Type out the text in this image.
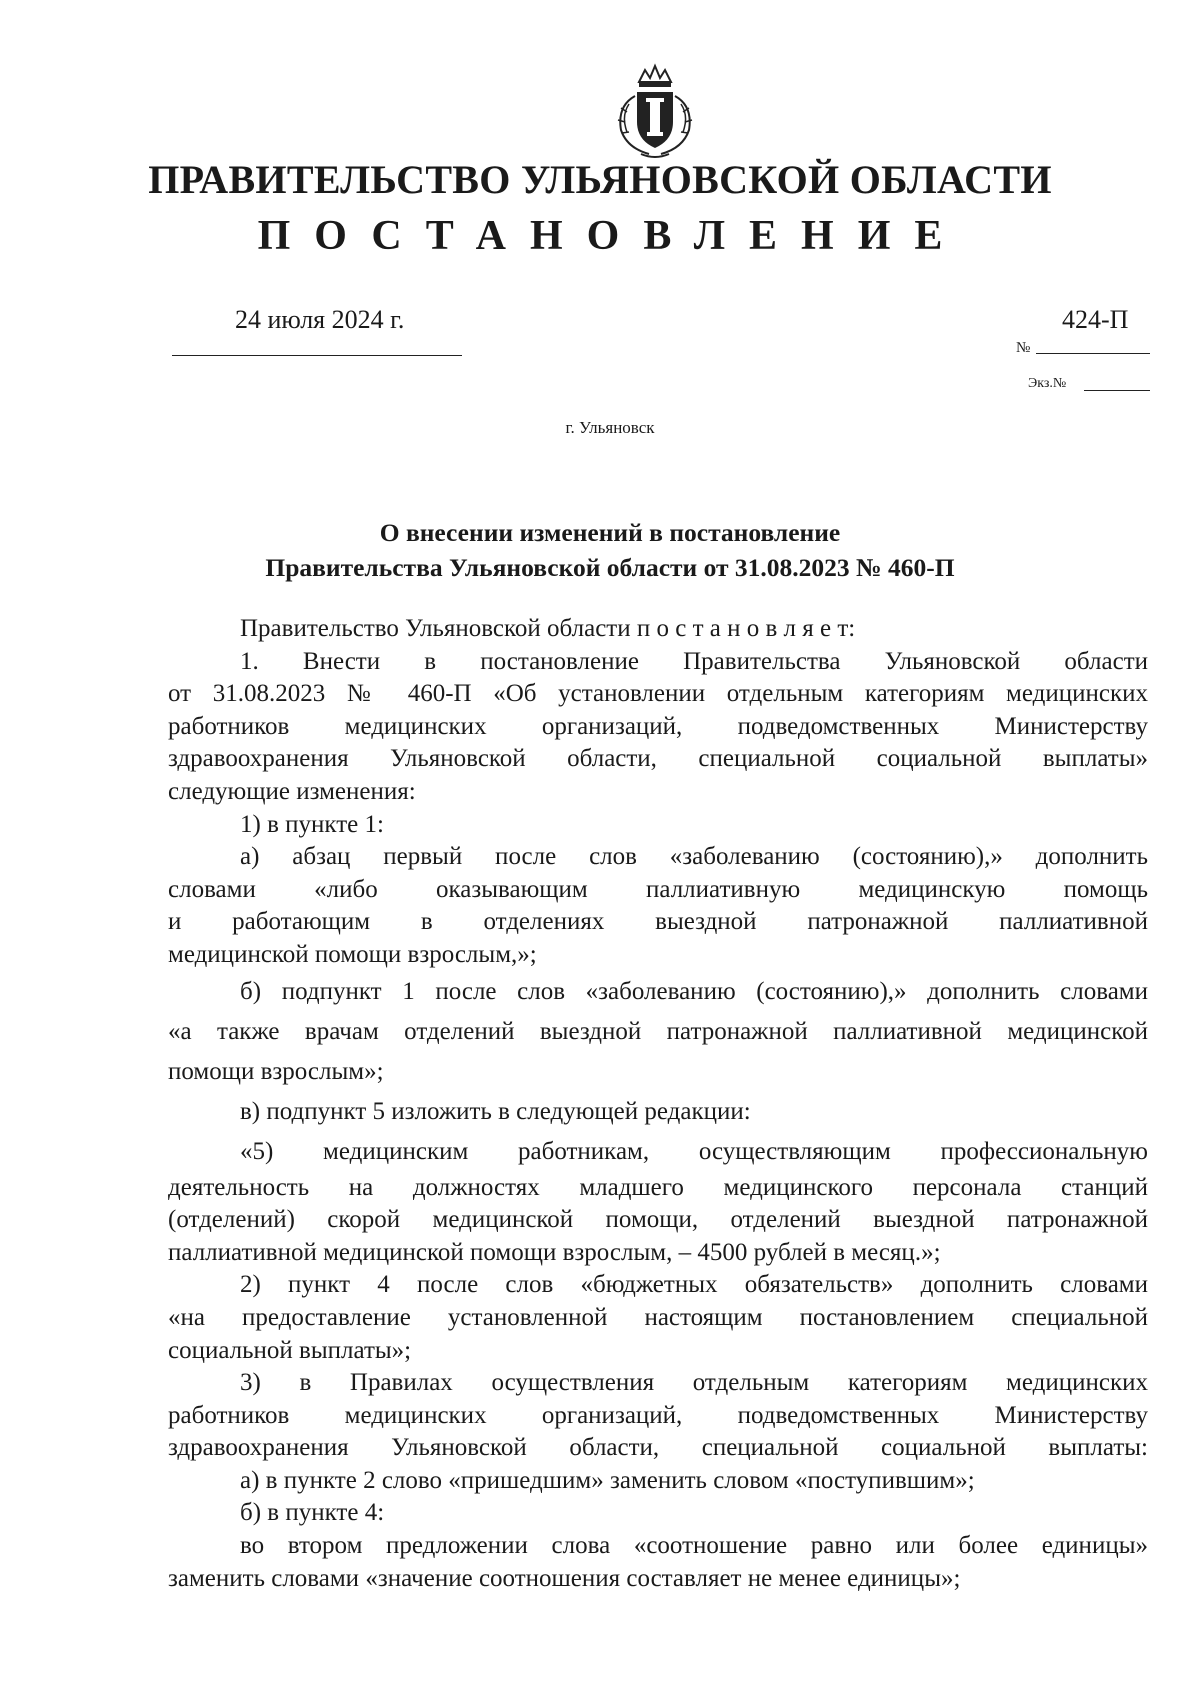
ПРАВИТЕЛЬСТВО УЛЬЯНОВСКОЙ ОБЛАСТИ
ПОСТАНОВЛЕНИЕ
24 июля 2024 г.	424-П
№
Экз.№
г. Ульяновск
О внесении изменений в постановление
Правительства Ульяновской области от 31.08.2023 № 460-П
Правительство Ульяновской области п о с т а н о в л я е т:
1. Внести в постановление Правительства Ульяновской области
от 31.08.2023 № 460-П «Об установлении отдельным категориям медицинских
работников медицинских организаций, подведомственных Министерству
здравоохранения Ульяновской области, специальной социальной выплаты»
следующие изменения:
1) в пункте 1:
а) абзац первый после слов «заболеванию (состоянию),» дополнить
словами «либо оказывающим паллиативную медицинскую помощь
и работающим в отделениях выездной патронажной паллиативной
медицинской помощи взрослым,»;
б) подпункт 1 после слов «заболеванию (состоянию),» дополнить словами
«а также врачам отделений выездной патронажной паллиативной медицинской
помощи взрослым»;
в) подпункт 5 изложить в следующей редакции:
«5) медицинским работникам, осуществляющим профессиональную
деятельность на должностях младшего медицинского персонала станций
(отделений) скорой медицинской помощи, отделений выездной патронажной
паллиативной медицинской помощи взрослым, – 4500 рублей в месяц.»;
2) пункт 4 после слов «бюджетных обязательств» дополнить словами
«на предоставление установленной настоящим постановлением специальной
социальной выплаты»;
3) в Правилах осуществления отдельным категориям медицинских
работников медицинских организаций, подведомственных Министерству
здравоохранения Ульяновской области, специальной социальной выплаты:
а) в пункте 2 слово «пришедшим» заменить словом «поступившим»;
б) в пункте 4:
во втором предложении слова «соотношение равно или более единицы»
заменить словами «значение соотношения составляет не менее единицы»;
